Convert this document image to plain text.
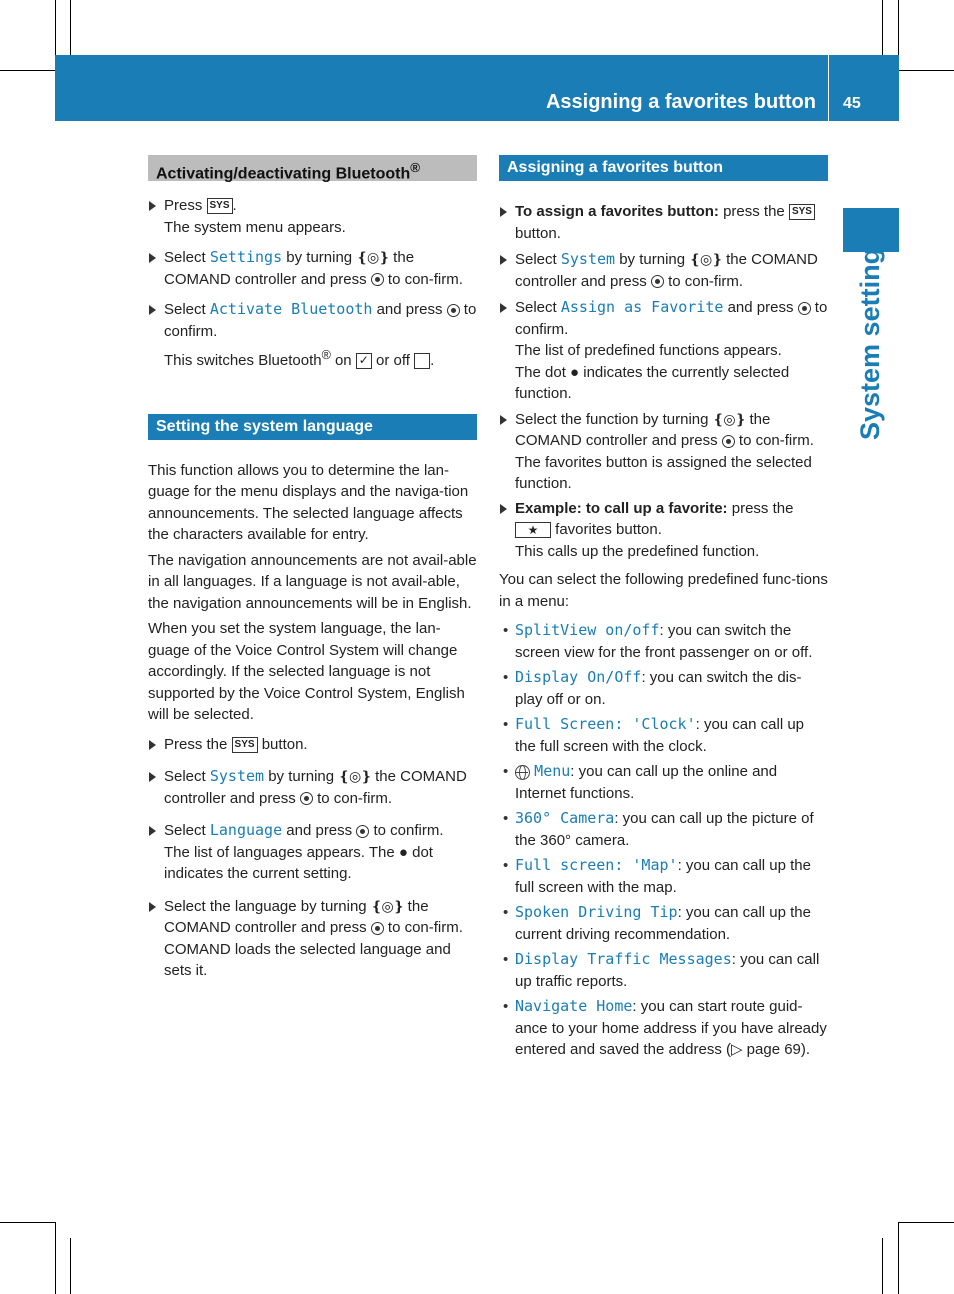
Assigning a favorites button 45
System settings
Activating/deactivating Bluetooth®
Press SYS .
The system menu appears.
Select Settings by turning ❴◎❵ the COMAND controller and press  to con-firm.
Select Activate Bluetooth and press  to confirm.

This switches Bluetooth® on ✓ or off .
Setting the system language

This function allows you to determine the lan-guage for the menu displays and the naviga-tion announcements. The selected language affects the characters available for entry.

The navigation announcements are not avail-able in all languages. If a language is not avail-able, the navigation announcements will be in English.

When you set the system language, the lan-guage of the Voice Control System will change accordingly. If the selected language is not supported by the Voice Control System, English will be selected.

Press the SYS button.
Select System by turning ❴◎❵ the COMAND controller and press  to con-firm.
Select Language and press  to confirm.
The list of languages appears. The ● dot indicates the current setting.
Select the language by turning ❴◎❵ the COMAND controller and press  to con-firm.
COMAND loads the selected language and sets it.
Assigning a favorites button
To assign a favorites button: press the SYS button.
Select System by turning ❴◎❵ the COMAND controller and press  to con-firm.
Select Assign as Favorite and press  to confirm.
The list of predefined functions appears.
The dot ● indicates the currently selected function.
Select the function by turning ❴◎❵ the COMAND controller and press  to con-firm.
The favorites button is assigned the selected function.
Example: to call up a favorite: press the ★ favorites button.
This calls up the predefined function.

You can select the following predefined func-tions in a menu:

• SplitView on/off: you can switch the screen view for the front passenger on or off.
• Display On/Off: you can switch the dis-play off or on.
• Full Screen: 'Clock': you can call up the full screen with the clock.
• Menu: you can call up the online and Internet functions.
• 360° Camera: you can call up the picture of the 360° camera.
• Full screen: 'Map': you can call up the full screen with the map.
• Spoken Driving Tip: you can call up the current driving recommendation.
• Display Traffic Messages: you can call up traffic reports.
• Navigate Home: you can start route guid-ance to your home address if you have already entered and saved the address (▷ page 69).
